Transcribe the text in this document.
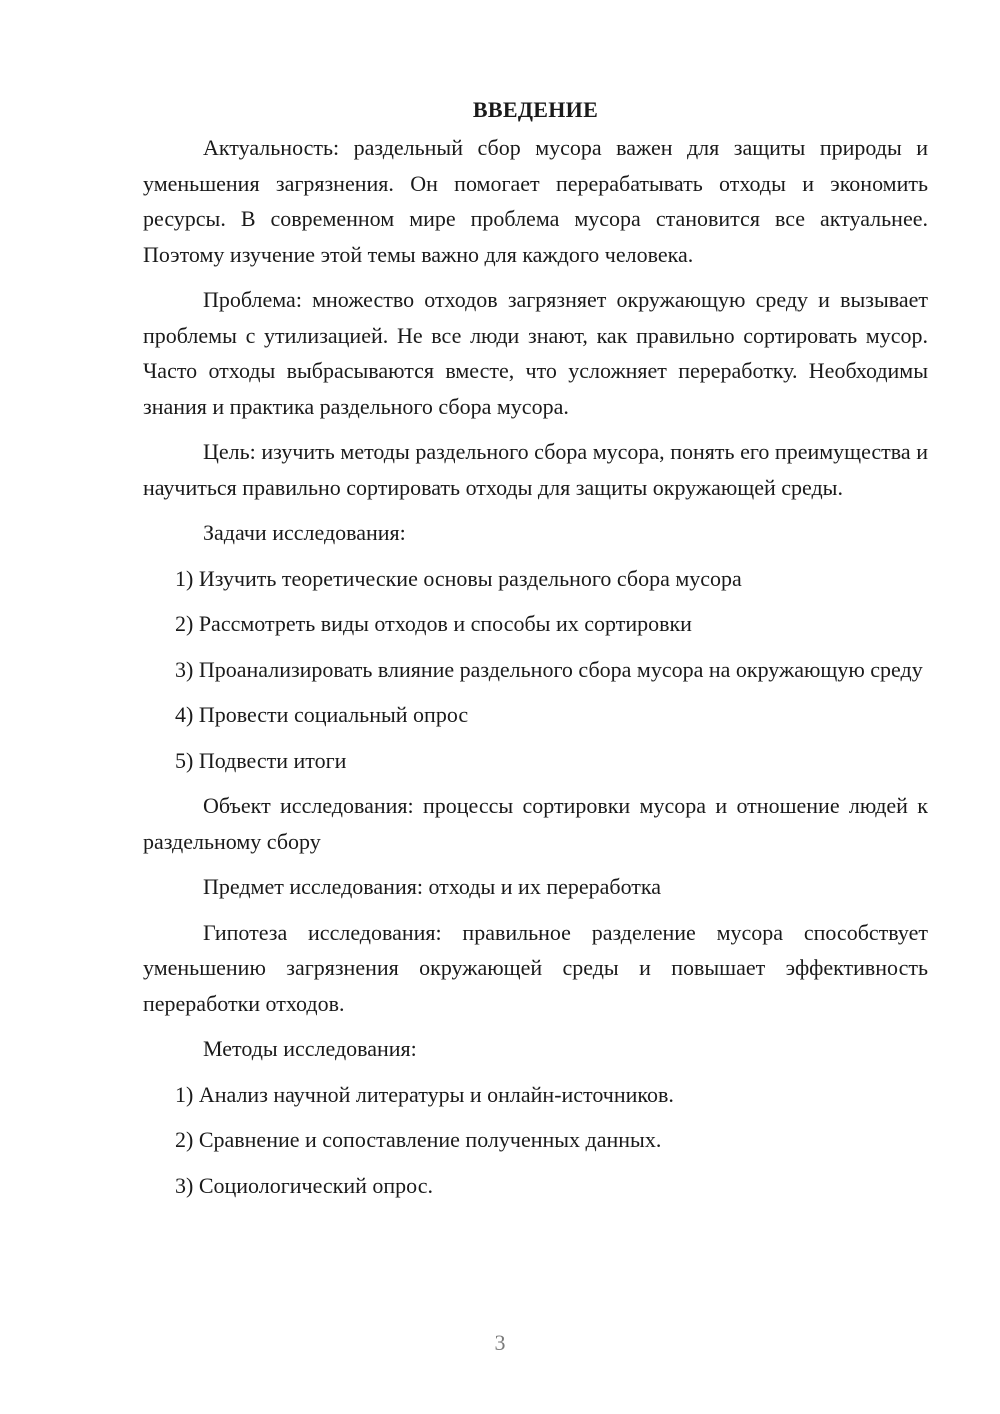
ВВЕДЕНИЕ

Актуальность: раздельный сбор мусора важен для защиты природы и уменьшения загрязнения. Он помогает перерабатывать отходы и экономить ресурсы. В современном мире проблема мусора становится все актуальнее. Поэтому изучение этой темы важно для каждого человека.

Проблема: множество отходов загрязняет окружающую среду и вызывает проблемы с утилизацией. Не все люди знают, как правильно сортировать мусор. Часто отходы выбрасываются вместе, что усложняет переработку. Необходимы знания и практика раздельного сбора мусора.

Цель: изучить методы раздельного сбора мусора, понять его преимущества и научиться правильно сортировать отходы для защиты окружающей среды.

Задачи исследования:

1) Изучить теоретические основы раздельного сбора мусора

2) Рассмотреть виды отходов и способы их сортировки

3) Проанализировать влияние раздельного сбора мусора на окружающую среду

4) Провести социальный опрос

5) Подвести итоги

Объект исследования: процессы сортировки мусора и отношение людей к раздельному сбору

Предмет исследования: отходы и их переработка

Гипотеза исследования: правильное разделение мусора способствует уменьшению загрязнения окружающей среды и повышает эффективность переработки отходов.

Методы исследования:

1) Анализ научной литературы и онлайн-источников.

2) Сравнение и сопоставление полученных данных.

3) Социологический опрос.

3
